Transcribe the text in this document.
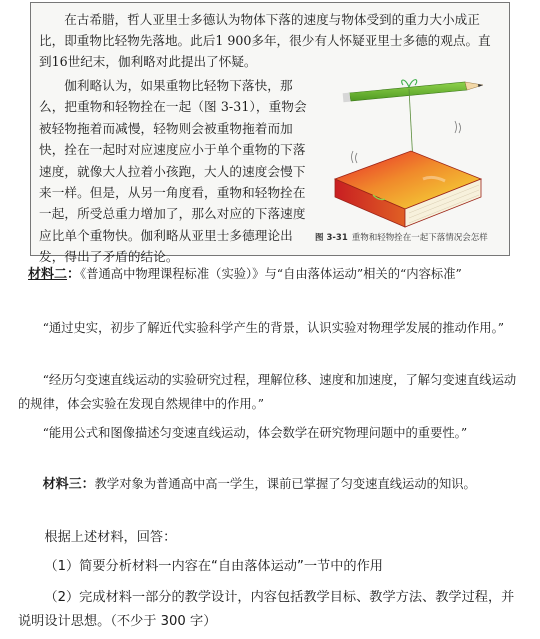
在古希腊，哲人亚里士多德认为物体下落的速度与物体受到的重力大小成正比，即重物比轻物先落地。此后1 900多年，很少有人怀疑亚里士多德的观点。直到16世纪末，伽利略对此提出了怀疑。

伽利略认为，如果重物比轻物下落快，那么，把重物和轻物拴在一起（图 3-31），重物会被轻物拖着而减慢，轻物则会被重物拖着而加快，拴在一起时对应速度应小于单个重物的下落速度，就像大人拉着小孩跑，大人的速度会慢下来一样。但是，从另一角度看，重物和轻物拴在一起，所受总重力增加了，那么对应的下落速度应比单个重物快。伽利略从亚里士多德理论出发，得出了矛盾的结论。

图 3-31 重物和轻物拴在一起下落情况会怎样

材料二：《普通高中物理课程标准（实验）》与“自由落体运动”相关的“内容标准”

“通过史实，初步了解近代实验科学产生的背景，认识实验对物理学发展的推动作用。”

“经历匀变速直线运动的实验研究过程，理解位移、速度和加速度，了解匀变速直线运动的规律，体会实验在发现自然规律中的作用。”

“能用公式和图像描述匀变速直线运动，体会数学在研究物理问题中的重要性。”

材料三：教学对象为普通高中高一学生，课前已掌握了匀变速直线运动的知识。

根据上述材料，回答：

（1）简要分析材料一内容在“自由落体运动”一节中的作用

（2）完成材料一部分的教学设计，内容包括教学目标、教学方法、教学过程，并说明设计思想。（不少于 300 字）
